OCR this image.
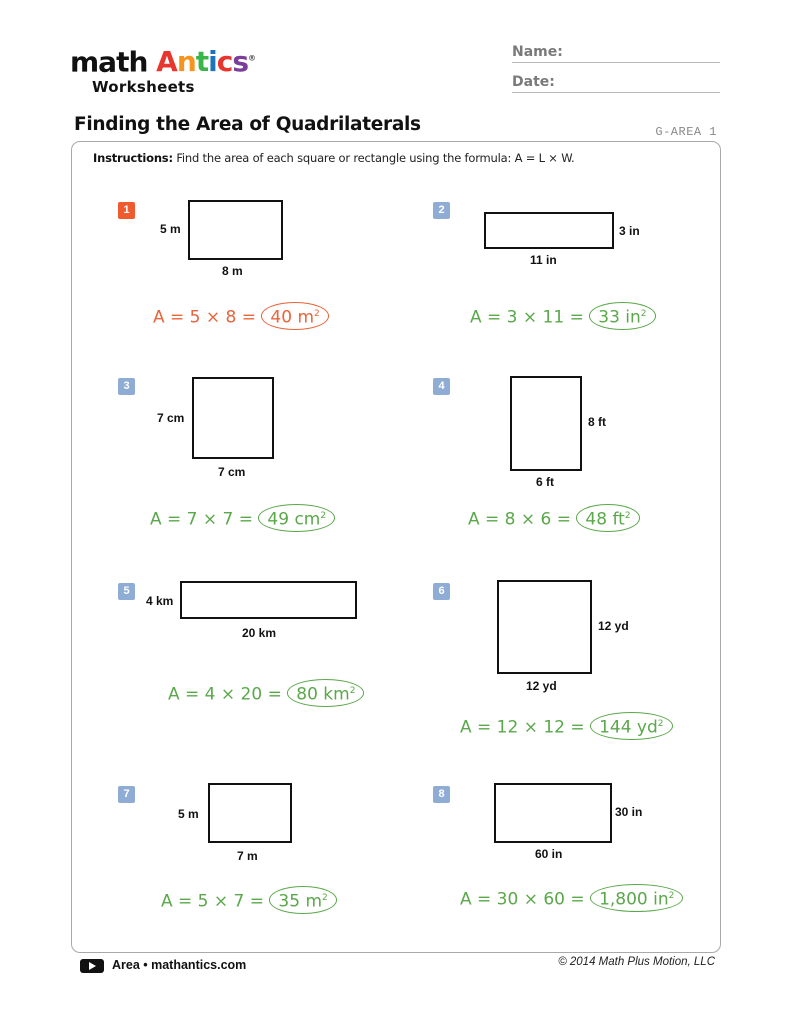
math Antics®
Worksheets
Name:
Date:
Finding the Area of Quadrilaterals	G-AREA 1
Instructions: Find the area of each square or rectangle using the formula: A = L × W.
1
5 m
8 m
A = 5 × 8 = 40 $m^2$
2
3 in
11 in
A = 3 × 11 = 33 $in^2$
3
7 cm
7 cm
A = 7 × 7 = 49 $cm^2$
4
8 ft
6 ft
A = 8 × 6 = 48 $ft^2$
5
4 km
20 km
A = 4 × 20 = 80 $km^2$
6
12 yd
12 yd
A = 12 × 12 = 144 $yd^2$
7
5 m
7 m
A = 5 × 7 = 35 $m^2$
8
30 in
60 in
A = 30 × 60 = 1,800 $in^2$
Area • mathantics.com	© 2014 Math Plus Motion, LLC
